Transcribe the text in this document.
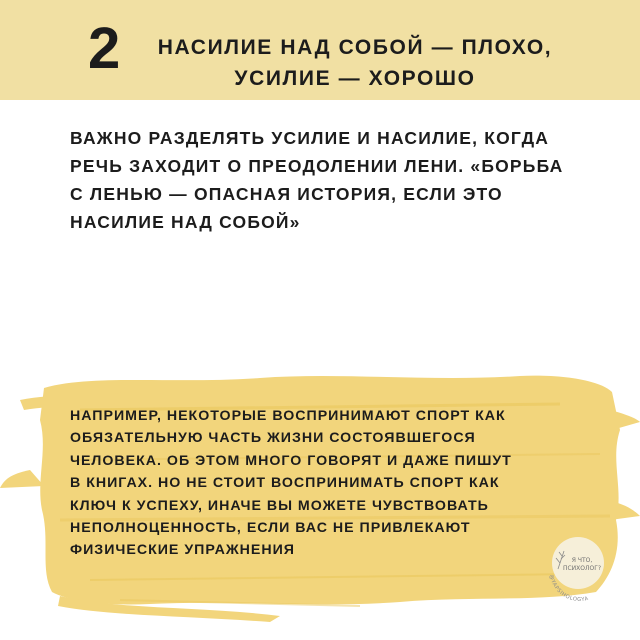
2	НАСИЛИЕ НАД СОБОЙ — ПЛОХО,
УСИЛИЕ — ХОРОШО
ВАЖНО РАЗДЕЛЯТЬ УСИЛИЕ И НАСИЛИЕ, КОГДА
РЕЧЬ ЗАХОДИТ О ПРЕОДОЛЕНИИ ЛЕНИ. «БОРЬБА
С ЛЕНЬЮ — ОПАСНАЯ ИСТОРИЯ, ЕСЛИ ЭТО
НАСИЛИЕ НАД СОБОЙ»
НАПРИМЕР, НЕКОТОРЫЕ ВОСПРИНИМАЮТ СПОРТ КАК
ОБЯЗАТЕЛЬНУЮ ЧАСТЬ ЖИЗНИ СОСТОЯВШЕГОСЯ
ЧЕЛОВЕКА. ОБ ЭТОМ МНОГО ГОВОРЯТ И ДАЖЕ ПИШУТ
В КНИГАХ. НО НЕ СТОИТ ВОСПРИНИМАТЬ СПОРТ КАК
КЛЮЧ К УСПЕХУ, ИНАЧЕ ВЫ МОЖЕТЕ ЧУВСТВОВАТЬ
НЕПОЛНОЦЕННОСТЬ, ЕСЛИ ВАС НЕ ПРИВЛЕКАЮТ
ФИЗИЧЕСКИЕ УПРАЖНЕНИЯ
Я ЧТО,
ПСИХОЛОГ?
@YAPSIHOLOGYA
